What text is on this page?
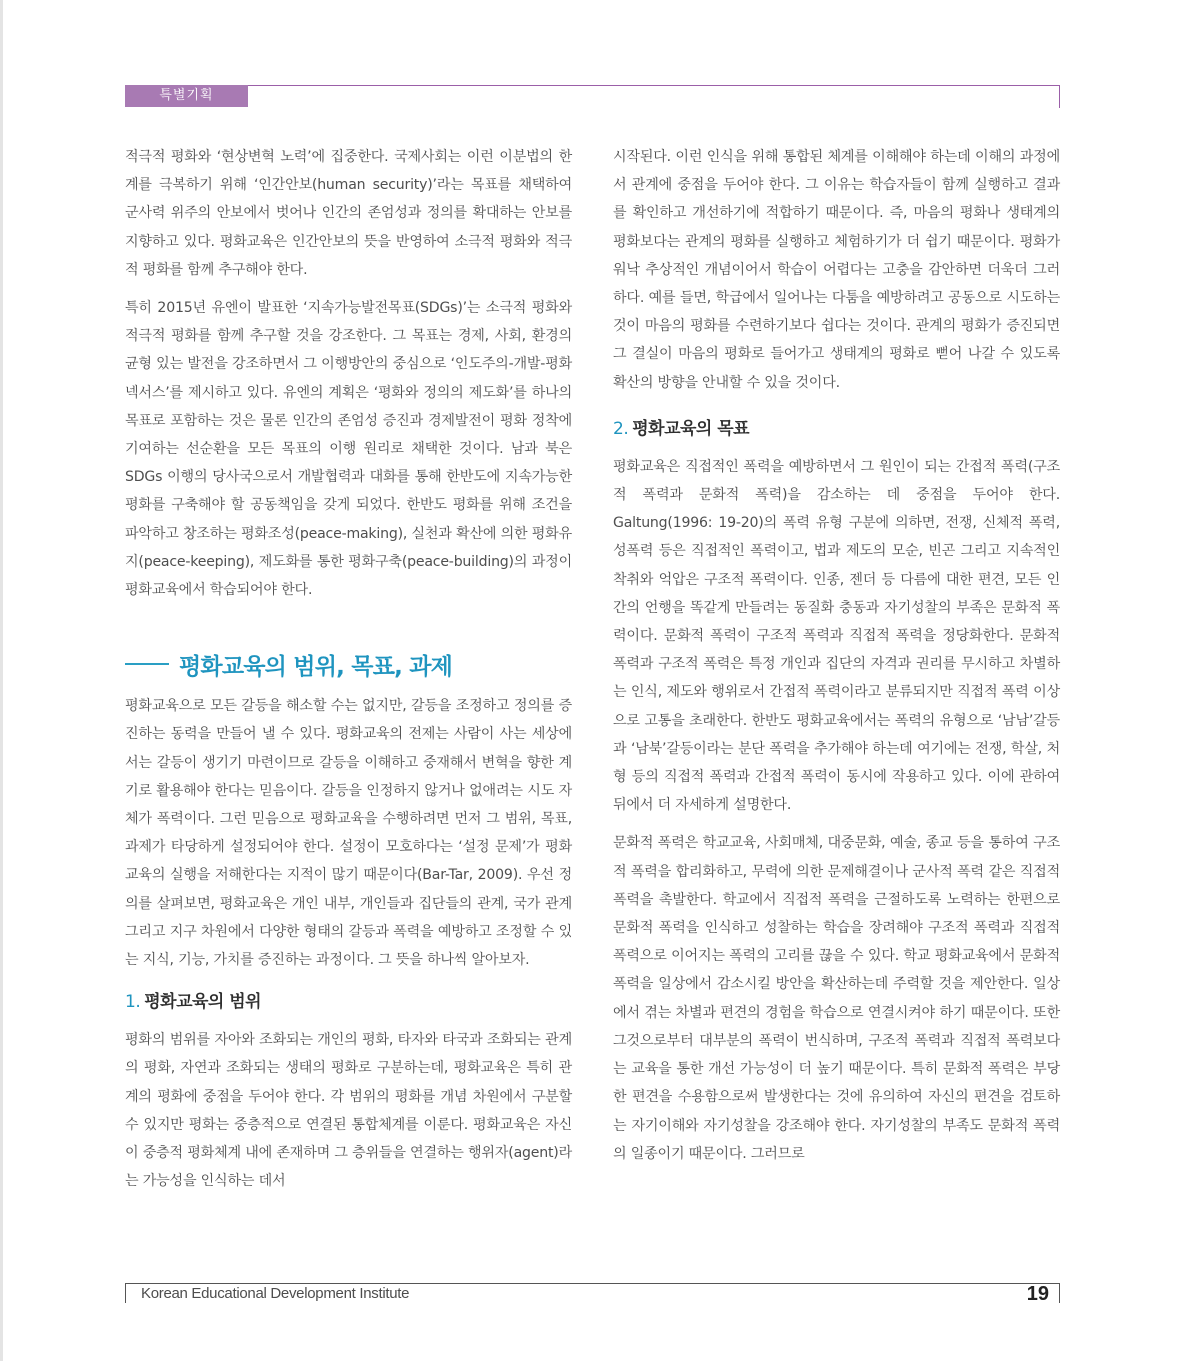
특별기획

적극적 평화와 ‘현상변혁 노력’에 집중한다. 국제사회는 이런 이분법의 한계를 극복하기 위해 ‘인간안보(human security)’라는 목표를 채택하여 군사력 위주의 안보에서 벗어나 인간의 존엄성과 정의를 확대하는 안보를 지향하고 있다. 평화교육은 인간안보의 뜻을 반영하여 소극적 평화와 적극적 평화를 함께 추구해야 한다.

특히 2015년 유엔이 발표한 ‘지속가능발전목표(SDGs)’는 소극적 평화와 적극적 평화를 함께 추구할 것을 강조한다. 그 목표는 경제, 사회, 환경의 균형 있는 발전을 강조하면서 그 이행방안의 중심으로 ‘인도주의-개발-평화 넥서스’를 제시하고 있다. 유엔의 계획은 ‘평화와 정의의 제도화’를 하나의 목표로 포함하는 것은 물론 인간의 존엄성 증진과 경제발전이 평화 정착에 기여하는 선순환을 모든 목표의 이행 원리로 채택한 것이다. 남과 북은 SDGs 이행의 당사국으로서 개발협력과 대화를 통해 한반도에 지속가능한 평화를 구축해야 할 공동책임을 갖게 되었다. 한반도 평화를 위해 조건을 파악하고 창조하는 평화조성(peace-making), 실천과 확산에 의한 평화유지(peace-keeping), 제도화를 통한 평화구축(peace-building)의 과정이 평화교육에서 학습되어야 한다.

평화교육의 범위, 목표, 과제

평화교육으로 모든 갈등을 해소할 수는 없지만, 갈등을 조정하고 정의를 증진하는 동력을 만들어 낼 수 있다. 평화교육의 전제는 사람이 사는 세상에서는 갈등이 생기기 마련이므로 갈등을 이해하고 중재해서 변혁을 향한 계기로 활용해야 한다는 믿음이다. 갈등을 인정하지 않거나 없애려는 시도 자체가 폭력이다. 그런 믿음으로 평화교육을 수행하려면 먼저 그 범위, 목표, 과제가 타당하게 설정되어야 한다. 설정이 모호하다는 ‘설정 문제’가 평화교육의 실행을 저해한다는 지적이 많기 때문이다(Bar-Tar, 2009). 우선 정의를 살펴보면, 평화교육은 개인 내부, 개인들과 집단들의 관계, 국가 관계 그리고 지구 차원에서 다양한 형태의 갈등과 폭력을 예방하고 조정할 수 있는 지식, 기능, 가치를 증진하는 과정이다. 그 뜻을 하나씩 알아보자.

1. 평화교육의 범위

평화의 범위를 자아와 조화되는 개인의 평화, 타자와 타국과 조화되는 관계의 평화, 자연과 조화되는 생태의 평화로 구분하는데, 평화교육은 특히 관계의 평화에 중점을 두어야 한다. 각 범위의 평화를 개념 차원에서 구분할 수 있지만 평화는 중층적으로 연결된 통합체계를 이룬다. 평화교육은 자신이 중층적 평화체계 내에 존재하며 그 층위들을 연결하는 행위자(agent)라는 가능성을 인식하는 데서

시작된다. 이런 인식을 위해 통합된 체계를 이해해야 하는데 이해의 과정에서 관계에 중점을 두어야 한다. 그 이유는 학습자들이 함께 실행하고 결과를 확인하고 개선하기에 적합하기 때문이다. 즉, 마음의 평화나 생태계의 평화보다는 관계의 평화를 실행하고 체험하기가 더 쉽기 때문이다. 평화가 워낙 추상적인 개념이어서 학습이 어렵다는 고충을 감안하면 더욱더 그러하다. 예를 들면, 학급에서 일어나는 다툼을 예방하려고 공동으로 시도하는 것이 마음의 평화를 수련하기보다 쉽다는 것이다. 관계의 평화가 증진되면 그 결실이 마음의 평화로 들어가고 생태계의 평화로 뻗어 나갈 수 있도록 확산의 방향을 안내할 수 있을 것이다.

2. 평화교육의 목표

평화교육은 직접적인 폭력을 예방하면서 그 원인이 되는 간접적 폭력(구조적 폭력과 문화적 폭력)을 감소하는 데 중점을 두어야 한다. Galtung(1996: 19-20)의 폭력 유형 구분에 의하면, 전쟁, 신체적 폭력, 성폭력 등은 직접적인 폭력이고, 법과 제도의 모순, 빈곤 그리고 지속적인 착취와 억압은 구조적 폭력이다. 인종, 젠더 등 다름에 대한 편견, 모든 인간의 언행을 똑같게 만들려는 동질화 충동과 자기성찰의 부족은 문화적 폭력이다. 문화적 폭력이 구조적 폭력과 직접적 폭력을 정당화한다. 문화적 폭력과 구조적 폭력은 특정 개인과 집단의 자격과 권리를 무시하고 차별하는 인식, 제도와 행위로서 간접적 폭력이라고 분류되지만 직접적 폭력 이상으로 고통을 초래한다. 한반도 평화교육에서는 폭력의 유형으로 ‘남남’갈등과 ‘남북’갈등이라는 분단 폭력을 추가해야 하는데 여기에는 전쟁, 학살, 처형 등의 직접적 폭력과 간접적 폭력이 동시에 작용하고 있다. 이에 관하여 뒤에서 더 자세하게 설명한다.

문화적 폭력은 학교교육, 사회매체, 대중문화, 예술, 종교 등을 통하여 구조적 폭력을 합리화하고, 무력에 의한 문제해결이나 군사적 폭력 같은 직접적 폭력을 촉발한다. 학교에서 직접적 폭력을 근절하도록 노력하는 한편으로 문화적 폭력을 인식하고 성찰하는 학습을 장려해야 구조적 폭력과 직접적 폭력으로 이어지는 폭력의 고리를 끊을 수 있다. 학교 평화교육에서 문화적 폭력을 일상에서 감소시킬 방안을 확산하는데 주력할 것을 제안한다. 일상에서 겪는 차별과 편견의 경험을 학습으로 연결시켜야 하기 때문이다. 또한 그것으로부터 대부분의 폭력이 번식하며, 구조적 폭력과 직접적 폭력보다는 교육을 통한 개선 가능성이 더 높기 때문이다. 특히 문화적 폭력은 부당한 편견을 수용함으로써 발생한다는 것에 유의하여 자신의 편견을 검토하는 자기이해와 자기성찰을 강조해야 한다. 자기성찰의 부족도 문화적 폭력의 일종이기 때문이다. 그러므로

Korean Educational Development Institute	19
